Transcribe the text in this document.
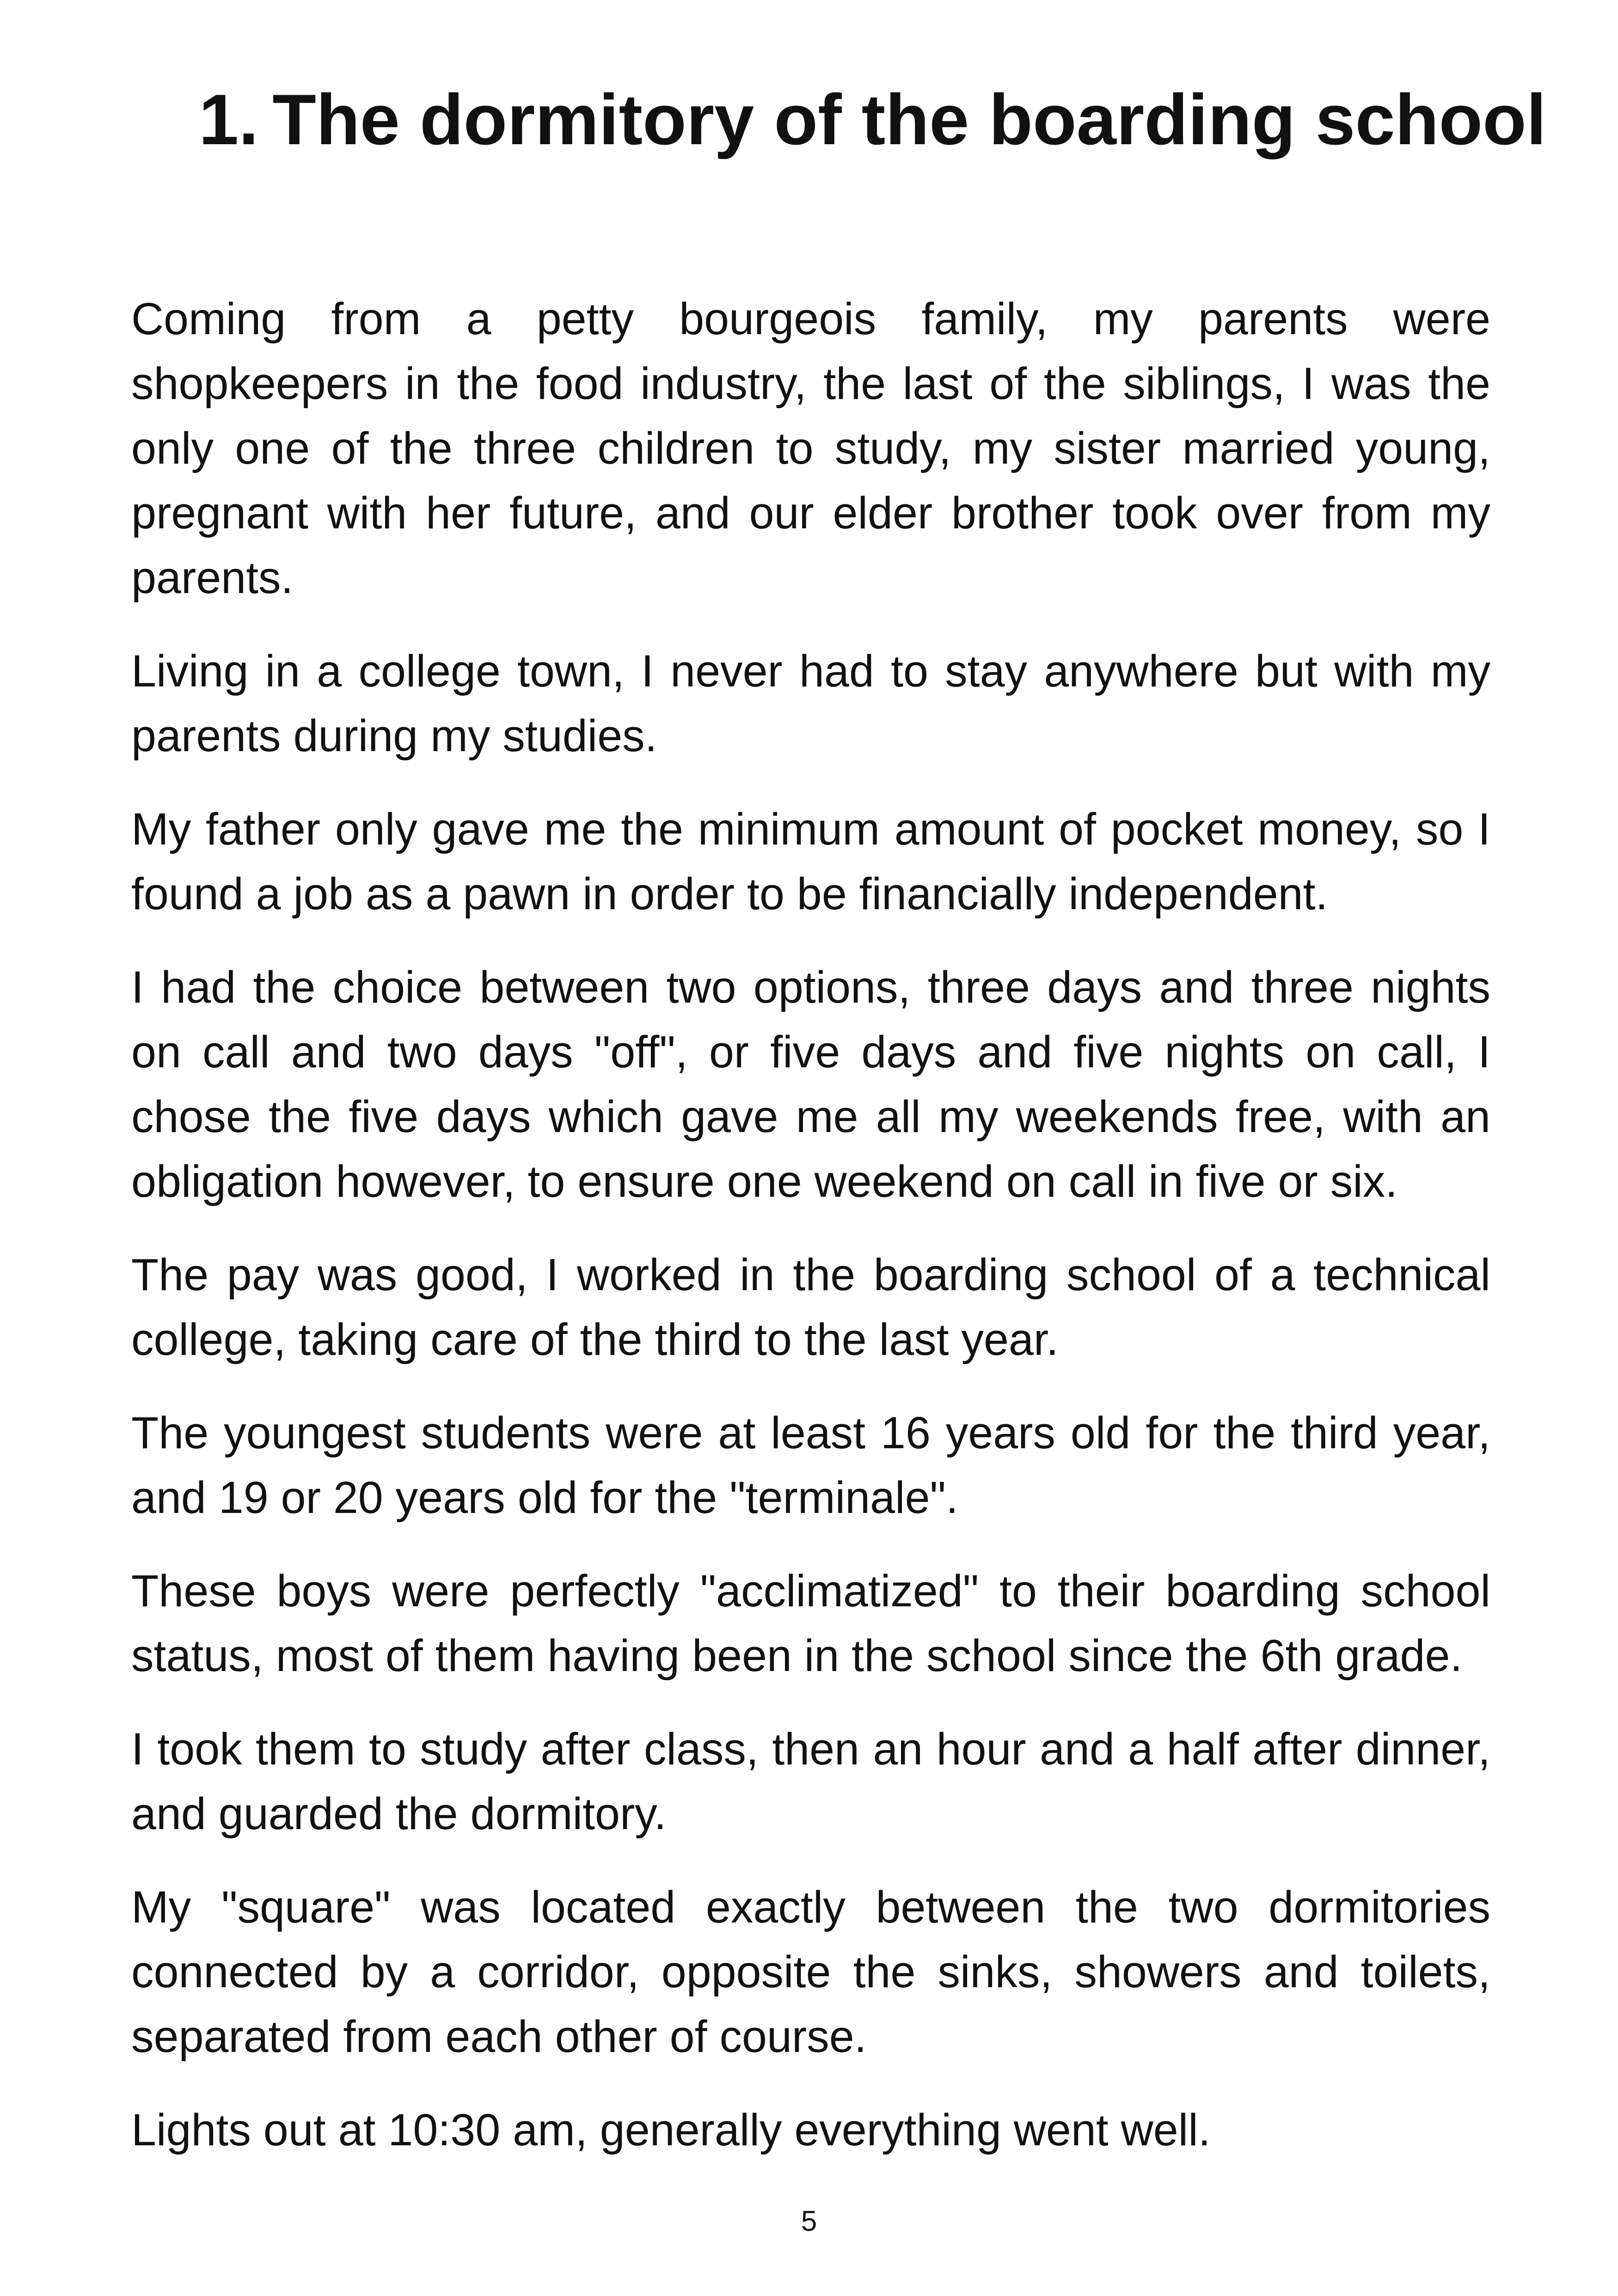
1. The dormitory of the boarding school

Coming from a petty bourgeois family, my parents were shopkeepers in the food industry, the last of the siblings, I was the only one of the three children to study, my sister married young, pregnant with her future, and our elder brother took over from my parents.

Living in a college town, I never had to stay anywhere but with my parents during my studies.

My father only gave me the minimum amount of pocket money, so I found a job as a pawn in order to be financially independent.

I had the choice between two options, three days and three nights on call and two days "off", or five days and five nights on call, I chose the five days which gave me all my weekends free, with an obligation however, to ensure one weekend on call in five or six.

The pay was good, I worked in the boarding school of a technical college, taking care of the third to the last year.

The youngest students were at least 16 years old for the third year, and 19 or 20 years old for the "terminale".

These boys were perfectly "acclimatized" to their boarding school status, most of them having been in the school since the 6th grade.

I took them to study after class, then an hour and a half after dinner, and guarded the dormitory.

My "square" was located exactly between the two dormitories connected by a corridor, opposite the sinks, showers and toilets, separated from each other of course.

Lights out at 10:30 am, generally everything went well.

5
